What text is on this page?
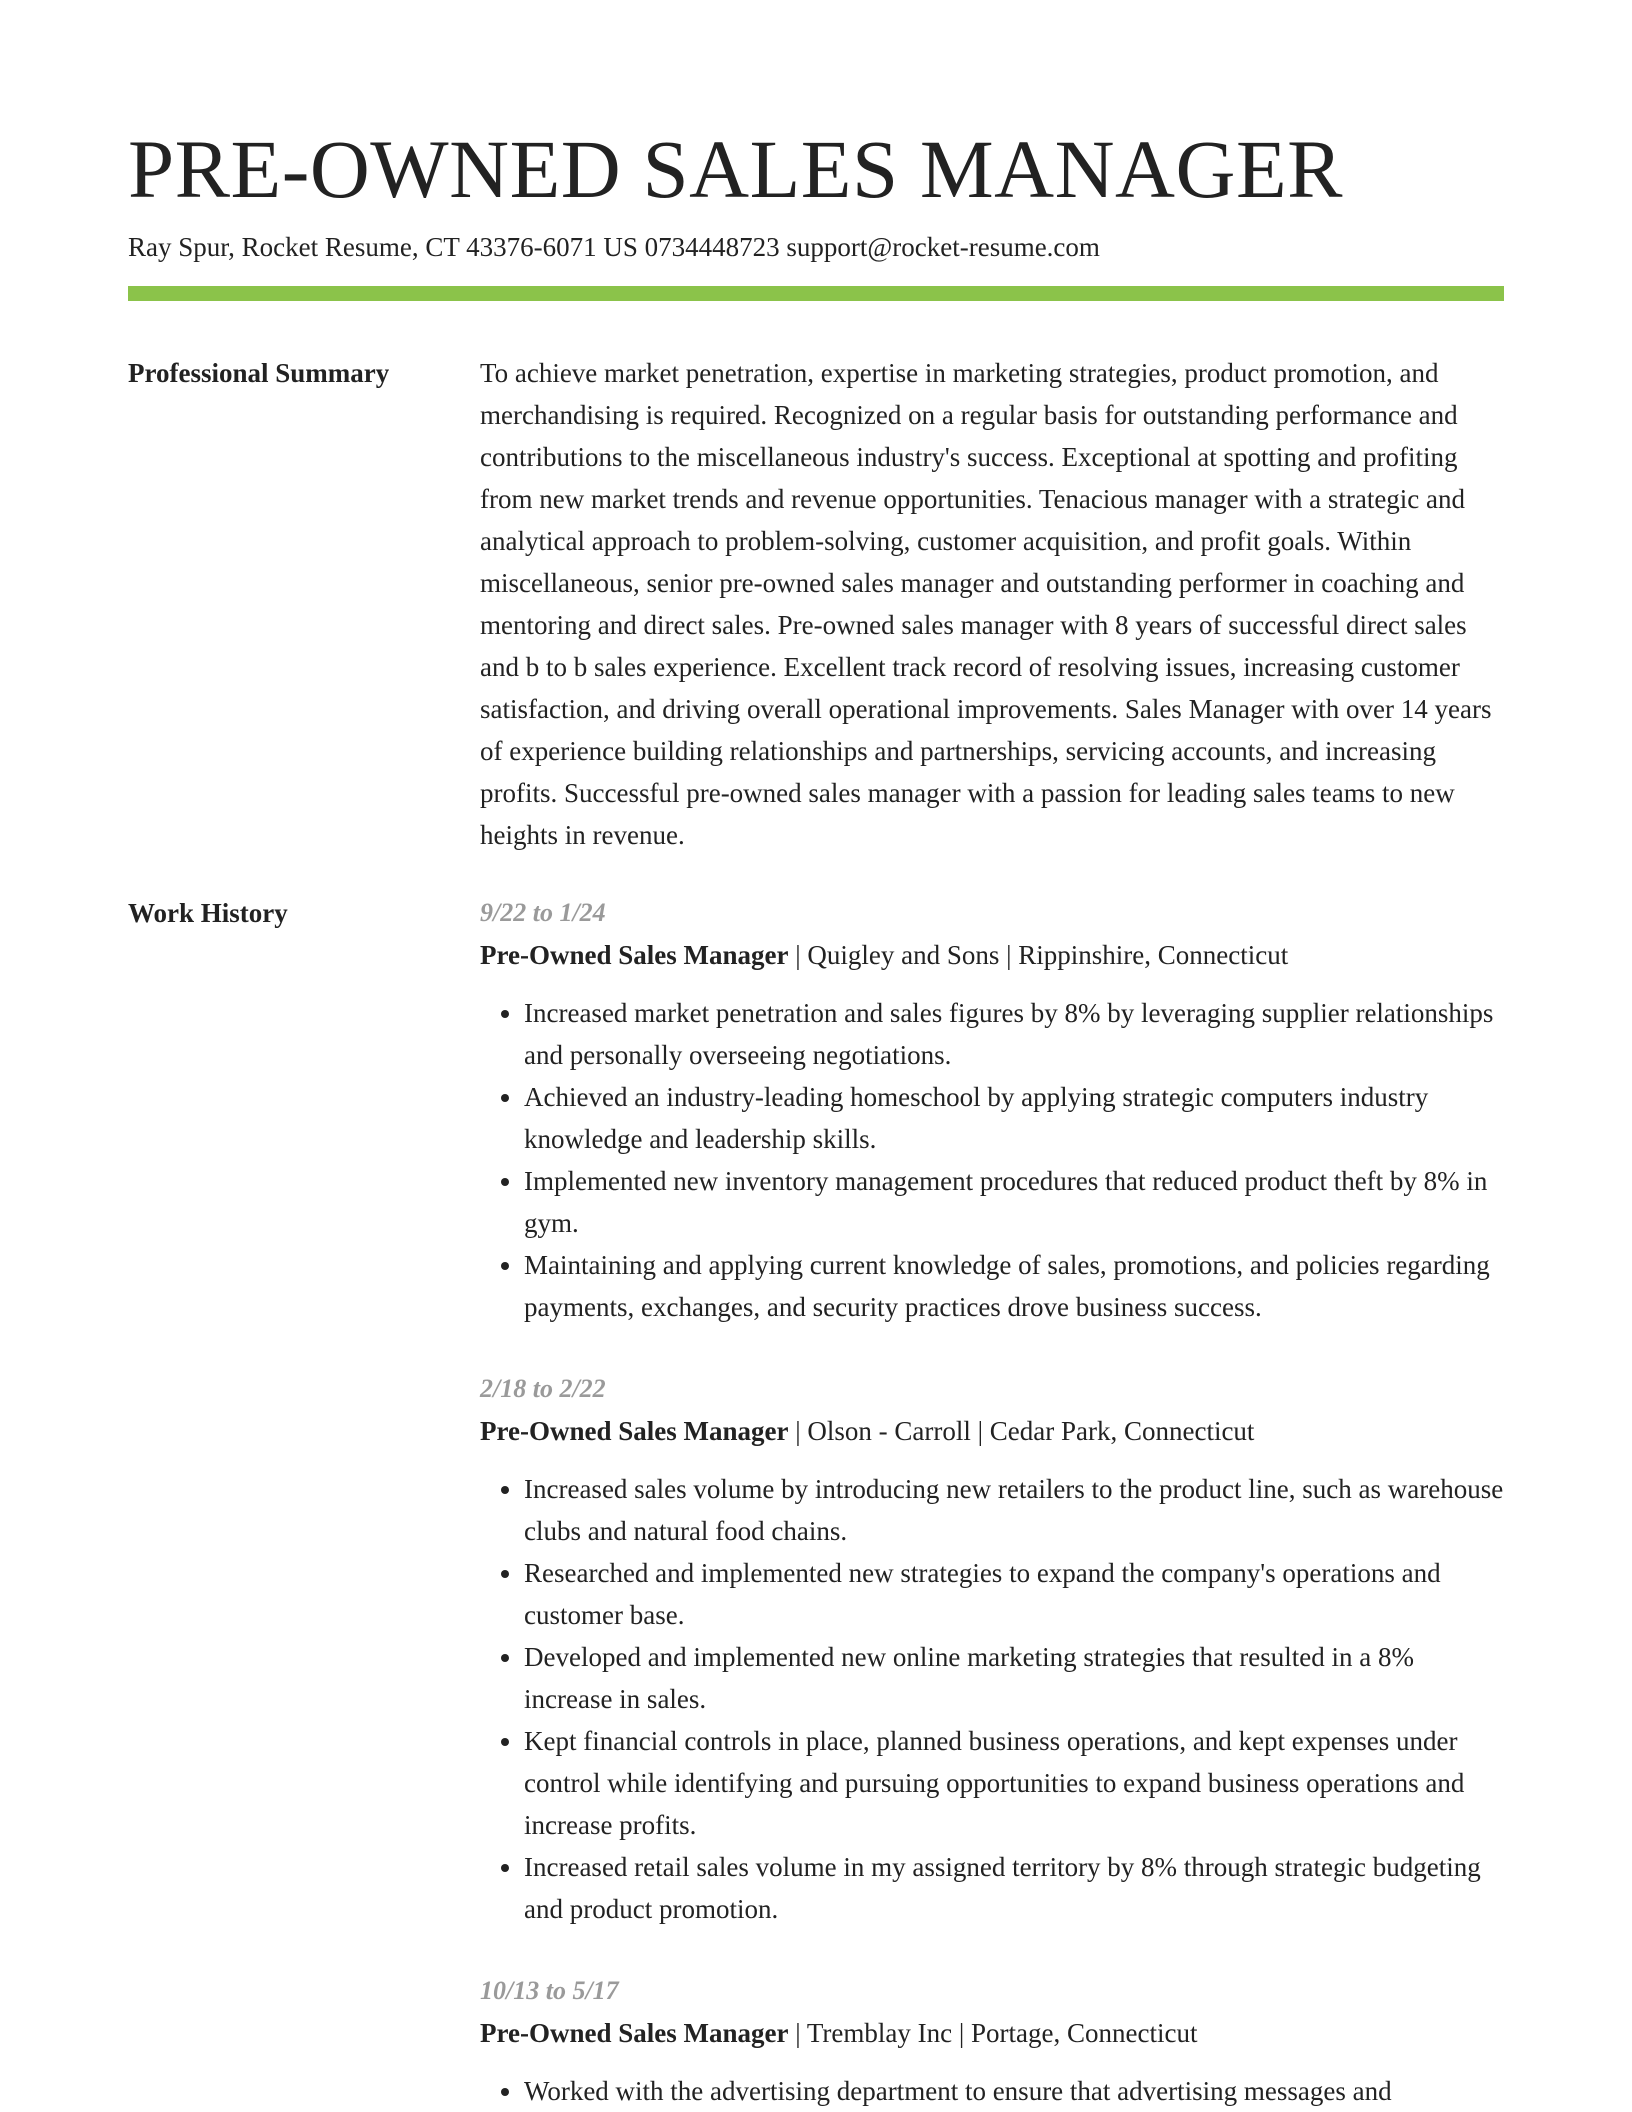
PRE-OWNED SALES MANAGER
Ray Spur, Rocket Resume, CT 43376-6071 US 0734448723 support@rocket-resume.com
Professional Summary	To achieve market penetration, expertise in marketing strategies, product promotion, and merchandising is required. Recognized on a regular basis for outstanding performance and contributions to the miscellaneous industry's success. Exceptional at spotting and profiting from new market trends and revenue opportunities. Tenacious manager with a strategic and analytical approach to problem-solving, customer acquisition, and profit goals. Within miscellaneous, senior pre-owned sales manager and outstanding performer in coaching and mentoring and direct sales. Pre-owned sales manager with 8 years of successful direct sales and b to b sales experience. Excellent track record of resolving issues, increasing customer satisfaction, and driving overall operational improvements. Sales Manager with over 14 years of experience building relationships and partnerships, servicing accounts, and increasing profits. Successful pre-owned sales manager with a passion for leading sales teams to new heights in revenue.

Work History	9/22 to 1/24
Pre-Owned Sales Manager | Quigley and Sons | Rippinshire, Connecticut
• Increased market penetration and sales figures by 8% by leveraging supplier relationships and personally overseeing negotiations.
• Achieved an industry-leading homeschool by applying strategic computers industry knowledge and leadership skills.
• Implemented new inventory management procedures that reduced product theft by 8% in gym.
• Maintaining and applying current knowledge of sales, promotions, and policies regarding payments, exchanges, and security practices drove business success.
2/18 to 2/22
Pre-Owned Sales Manager | Olson - Carroll | Cedar Park, Connecticut
• Increased sales volume by introducing new retailers to the product line, such as warehouse clubs and natural food chains.
• Researched and implemented new strategies to expand the company's operations and customer base.
• Developed and implemented new online marketing strategies that resulted in a 8% increase in sales.
• Kept financial controls in place, planned business operations, and kept expenses under control while identifying and pursuing opportunities to expand business operations and increase profits.
• Increased retail sales volume in my assigned territory by 8% through strategic budgeting and product promotion.
10/13 to 5/17
Pre-Owned Sales Manager | Tremblay Inc | Portage, Connecticut
• Worked with the advertising department to ensure that advertising messages and
